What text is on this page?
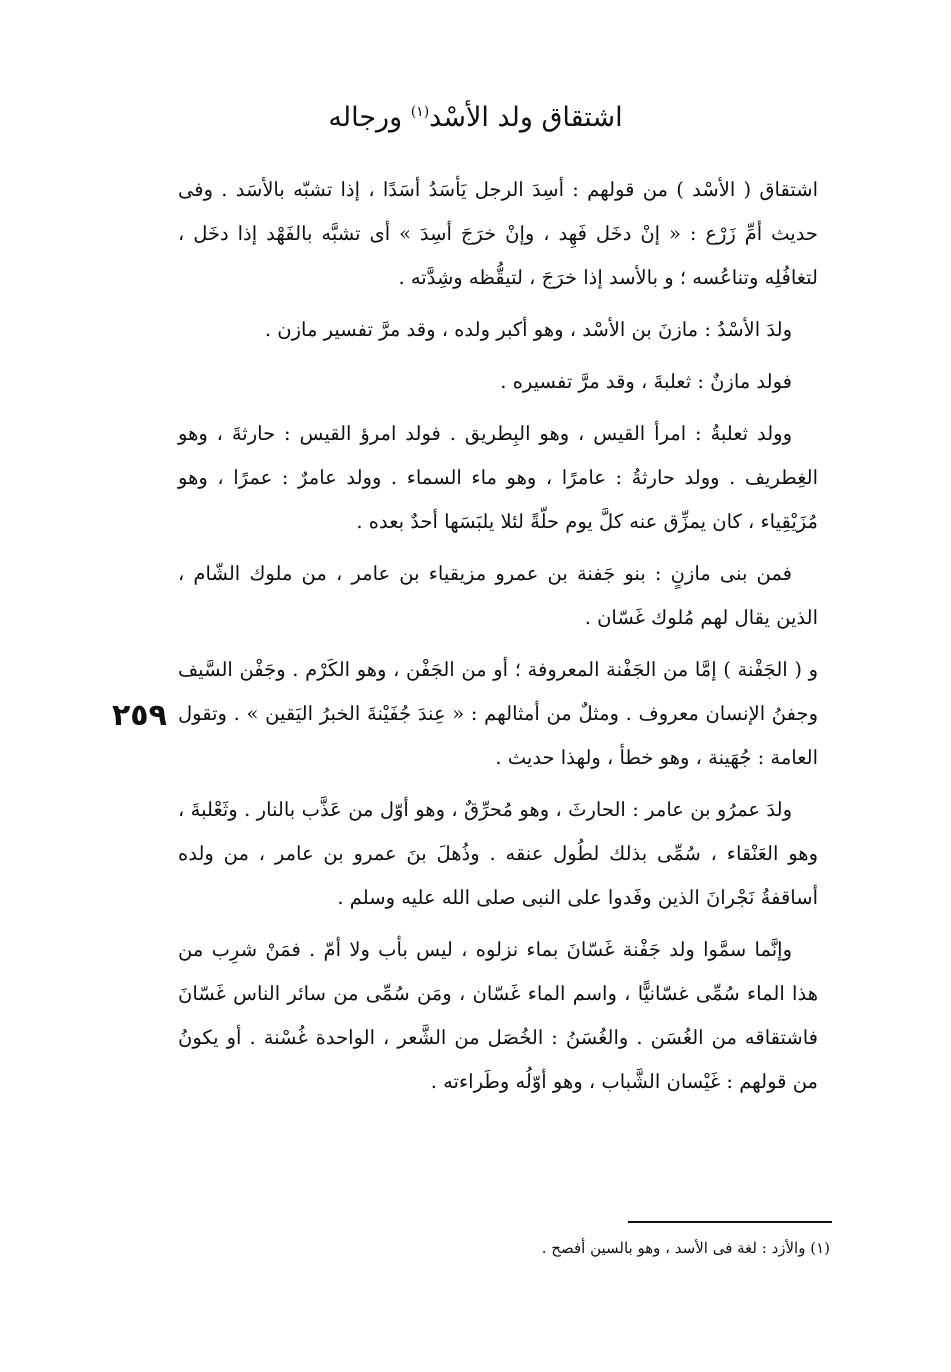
اشتقاق ولد الأسْد$^{(١)}$ ورجاله

اشتقاق ( الأسْد ) من قولهم : أسِدَ الرجل يَأسَدُ أسَدًا ، إذا تشبّه بالأسَد . وفى حديث أمِّ زَرْع : « إنْ دخَل فَهِد ، وإنْ خرَجَ أسِدَ » أى تشبَّه بالفَهْد إذا دخَل ، لتغافُلِه وتناعُسه ؛ و بالأسد إذا خرَجَ ، لتيقُّظه وشِدَّته .

ولدَ الأسْدُ : مازنَ بن الأسْد ، وهو أكبر ولده ، وقد مرَّ تفسير مازن .

فولد مازنٌ : ثعلبةَ ، وقد مرَّ تفسيره .

وولد ثعلبةُ : امرأ القيس ، وهو البِطريق . فولد امرؤ القيس : حارثةَ ، وهو الغِطريف . وولد حارثةُ : عامرًا ، وهو ماء السماء . وولد عامرٌ : عمرًا ، وهو مُزَيْقِياء ، كان يمزِّق عنه كلَّ يوم حلّةً لئلا يلبَسَها أحدٌ بعده .

فمن بنى مازنٍ : بنو جَفنة بن عمرو مزيقياء بن عامر ، من ملوك الشّام ، الذين يقال لهم مُلوك غَسّان .

و ( الجَفْنة ) إمَّا من الجَفْنة المعروفة ؛ أو من الجَفْن ، وهو الكَرْم . وجَفْن السَّيف وجفنُ الإنسان معروف . ومثلٌ من أمثالهم : « عِندَ جُفَيْنةَ الخبرُ اليَقين » . وتقول العامة : جُهَينة ، وهو خطأ ، ولهذا حديث .

ولدَ عمرُو بن عامر : الحارثَ ، وهو مُحرِّقٌ ، وهو أوّل من عَذَّب بالنار . وثَعْلبةَ ، وهو العَنْقاء ، سُمِّى بذلك لطُول عنقه . وذُهلَ بنَ عمرو بن عامر ، من ولده أساقفةُ نَجْرانَ الذين وفَدوا على النبى صلى الله عليه وسلم .

وإنَّما سمَّوا ولد جَفْنة غَسّانَ بماء نزلوه ، ليس بأب ولا أمّ . فمَنْ شرِب من هذا الماء سُمِّى غسّانيًّا ، واسم الماء غَسّان ، ومَن سُمِّى من سائر الناس غَسّانَ فاشتقاقه من الغُسَن . والغُسَنُ : الخُصَل من الشَّعر ، الواحدة غُسْنة . أو يكونُ من قولهم : غَيْسان الشَّباب ، وهو أوّلُه وطَراءته .

٢٥٩
(١) والأزد : لغة فى الأسد ، وهو بالسين أفصح .
